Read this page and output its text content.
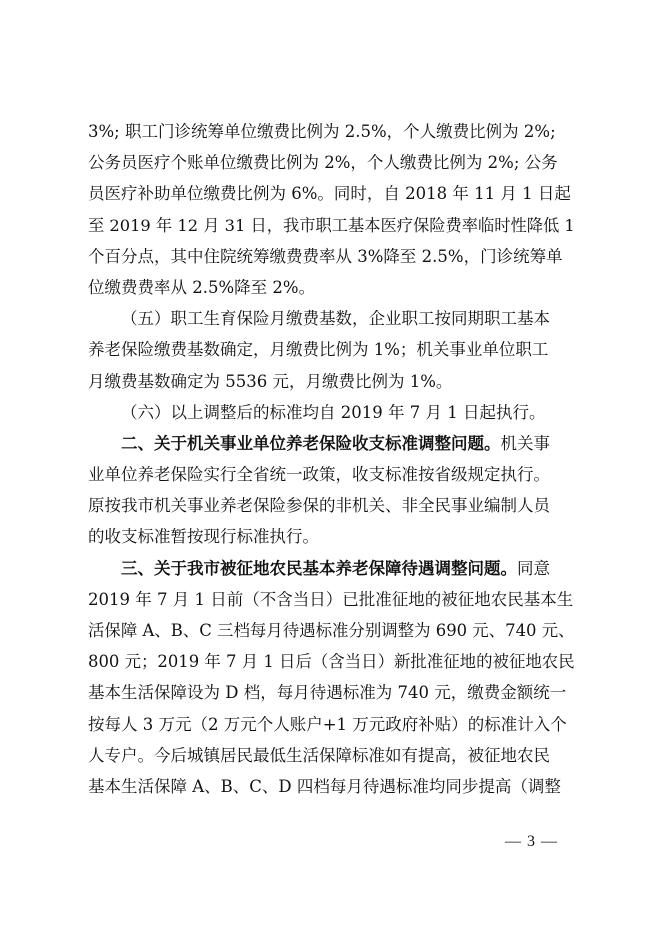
3%; 职工门诊统筹单位缴费比例为 2.5%，个人缴费比例为 2%;
公务员医疗个账单位缴费比例为 2%，个人缴费比例为 2%; 公务
员医疗补助单位缴费比例为 6%。同时，自 2018 年 11 月 1 日起
至 2019 年 12 月 31 日，我市职工基本医疗保险费率临时性降低 1
个百分点，其中住院统筹缴费费率从 3%降至 2.5%，门诊统筹单
位缴费费率从 2.5%降至 2%。
（五）职工生育保险月缴费基数，企业职工按同期职工基本
养老保险缴费基数确定，月缴费比例为 1%；机关事业单位职工
月缴费基数确定为 5536 元，月缴费比例为 1%。
（六）以上调整后的标准均自 2019 年 7 月 1 日起执行。
二、关于机关事业单位养老保险收支标准调整问题。机关事
业单位养老保险实行全省统一政策，收支标准按省级规定执行。
原按我市机关事业养老保险参保的非机关、非全民事业编制人员
的收支标准暂按现行标准执行。
三、关于我市被征地农民基本养老保障待遇调整问题。同意
2019 年 7 月 1 日前（不含当日）已批准征地的被征地农民基本生
活保障 A、B、C 三档每月待遇标准分别调整为 690 元、740 元、
800 元；2019 年 7 月 1 日后（含当日）新批准征地的被征地农民
基本生活保障设为 D 档，每月待遇标准为 740 元，缴费金额统一
按每人 3 万元（2 万元个人账户+1 万元政府补贴）的标准计入个
人专户。今后城镇居民最低生活保障标准如有提高，被征地农民
基本生活保障 A、B、C、D 四档每月待遇标准均同步提高（调整
— 3 —
